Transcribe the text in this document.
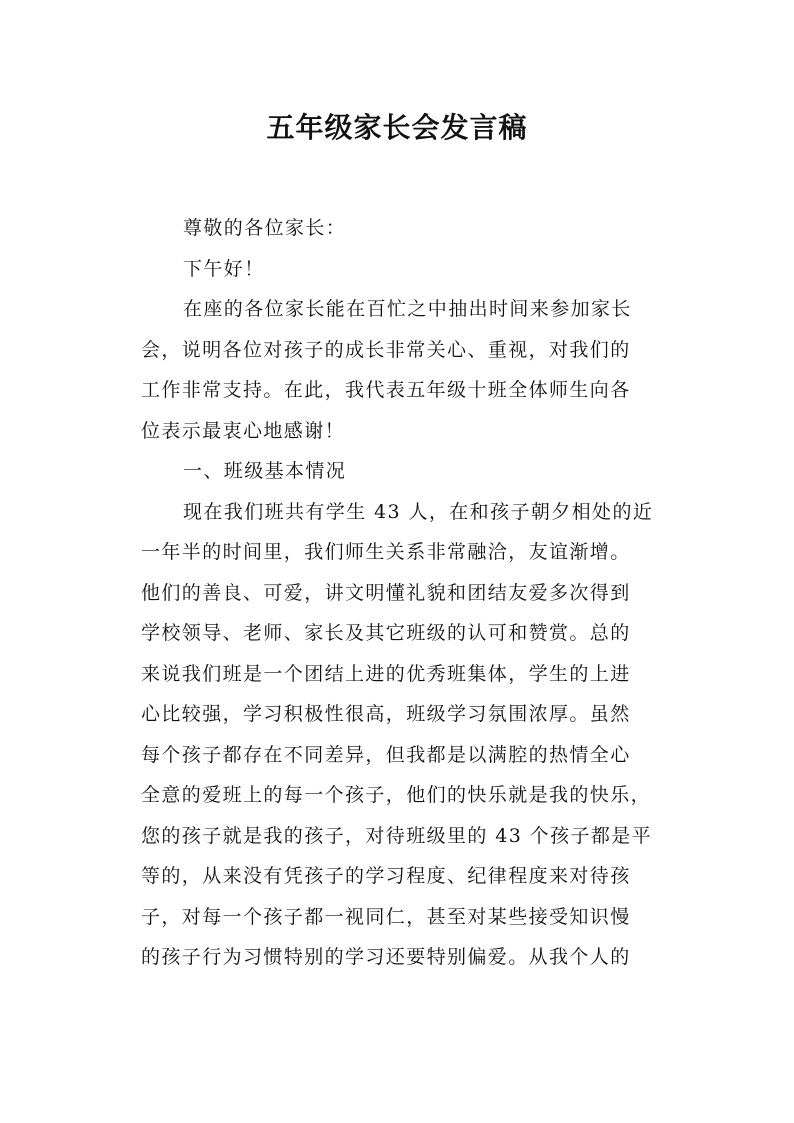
五年级家长会发言稿
尊敬的各位家长：
下午好！
在座的各位家长能在百忙之中抽出时间来参加家长
会，说明各位对孩子的成长非常关心、重视，对我们的
工作非常支持。在此，我代表五年级十班全体师生向各
位表示最衷心地感谢！
一、班级基本情况
现在我们班共有学生 43 人，在和孩子朝夕相处的近
一年半的时间里，我们师生关系非常融洽，友谊渐增。
他们的善良、可爱，讲文明懂礼貌和团结友爱多次得到
学校领导、老师、家长及其它班级的认可和赞赏。总的
来说我们班是一个团结上进的优秀班集体，学生的上进
心比较强，学习积极性很高，班级学习氛围浓厚。虽然
每个孩子都存在不同差异，但我都是以满腔的热情全心
全意的爱班上的每一个孩子，他们的快乐就是我的快乐，
您的孩子就是我的孩子，对待班级里的 43 个孩子都是平
等的，从来没有凭孩子的学习程度、纪律程度来对待孩
子，对每一个孩子都一视同仁，甚至对某些接受知识慢
的孩子行为习惯特别的学习还要特别偏爱。从我个人的
